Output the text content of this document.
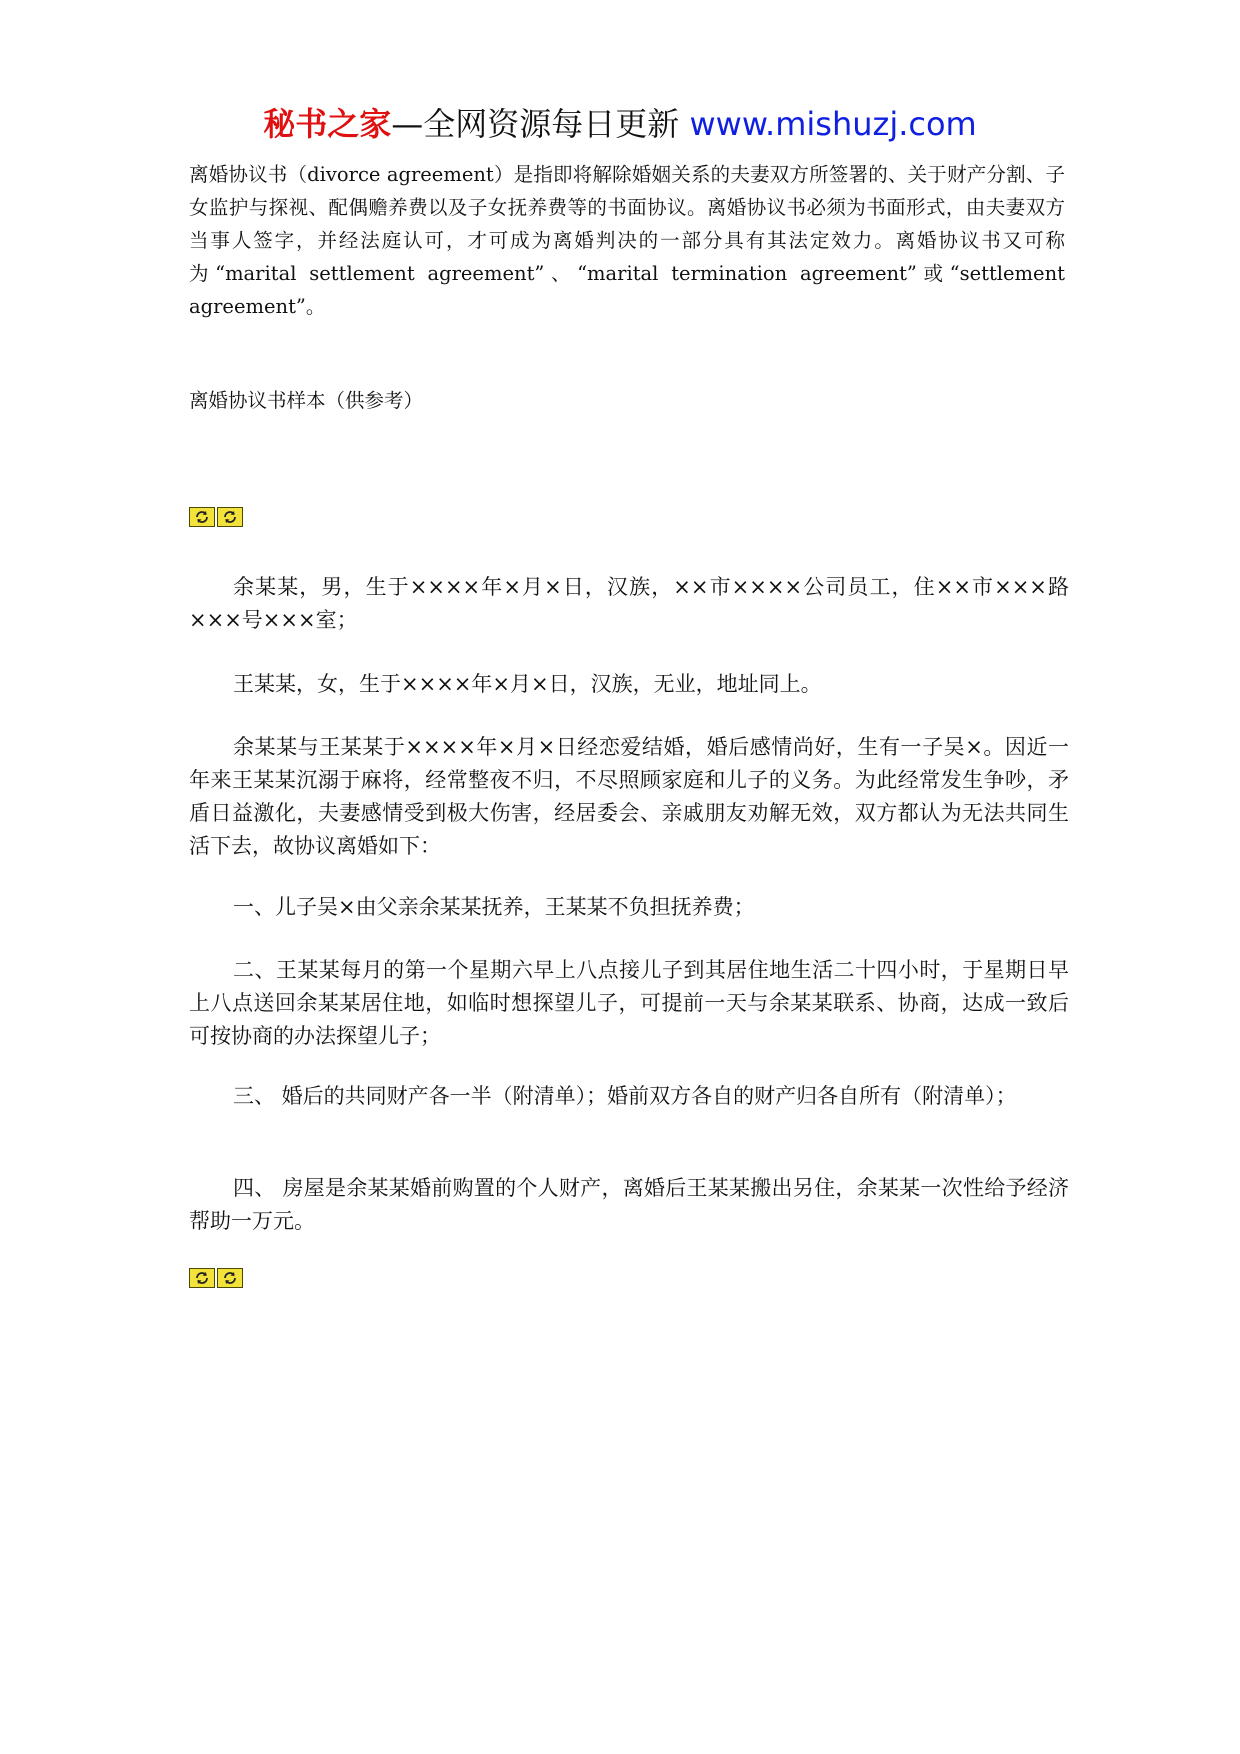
秘书之家—全网资源每日更新 www.mishuzj.com

离婚协议书（divorce agreement）是指即将解除婚姻关系的夫妻双方所签署的、关于财产分割、子女监护与探视、配偶赡养费以及子女抚养费等的书面协议。离婚协议书必须为书面形式，由夫妻双方当事人签字，并经法庭认可，才可成为离婚判决的一部分具有其法定效力。离婚协议书又可称为“marital settlement agreement”、“marital termination agreement”或“settlement agreement”。

离婚协议书样本（供参考）

余某某，男，生于××××年×月×日，汉族，××市××××公司员工，住××市×××路×××号×××室；

王某某，女，生于××××年×月×日，汉族，无业，地址同上。

余某某与王某某于××××年×月×日经恋爱结婚，婚后感情尚好，生有一子吴×。因近一年来王某某沉溺于麻将，经常整夜不归，不尽照顾家庭和儿子的义务。为此经常发生争吵，矛盾日益激化，夫妻感情受到极大伤害，经居委会、亲戚朋友劝解无效，双方都认为无法共同生活下去，故协议离婚如下：

一、儿子吴×由父亲余某某抚养，王某某不负担抚养费；

二、王某某每月的第一个星期六早上八点接儿子到其居住地生活二十四小时，于星期日早上八点送回余某某居住地，如临时想探望儿子，可提前一天与余某某联系、协商，达成一致后可按协商的办法探望儿子；

三、 婚后的共同财产各一半（附清单）；婚前双方各自的财产归各自所有（附清单）；

四、 房屋是余某某婚前购置的个人财产，离婚后王某某搬出另住，余某某一次性给予经济帮助一万元。
